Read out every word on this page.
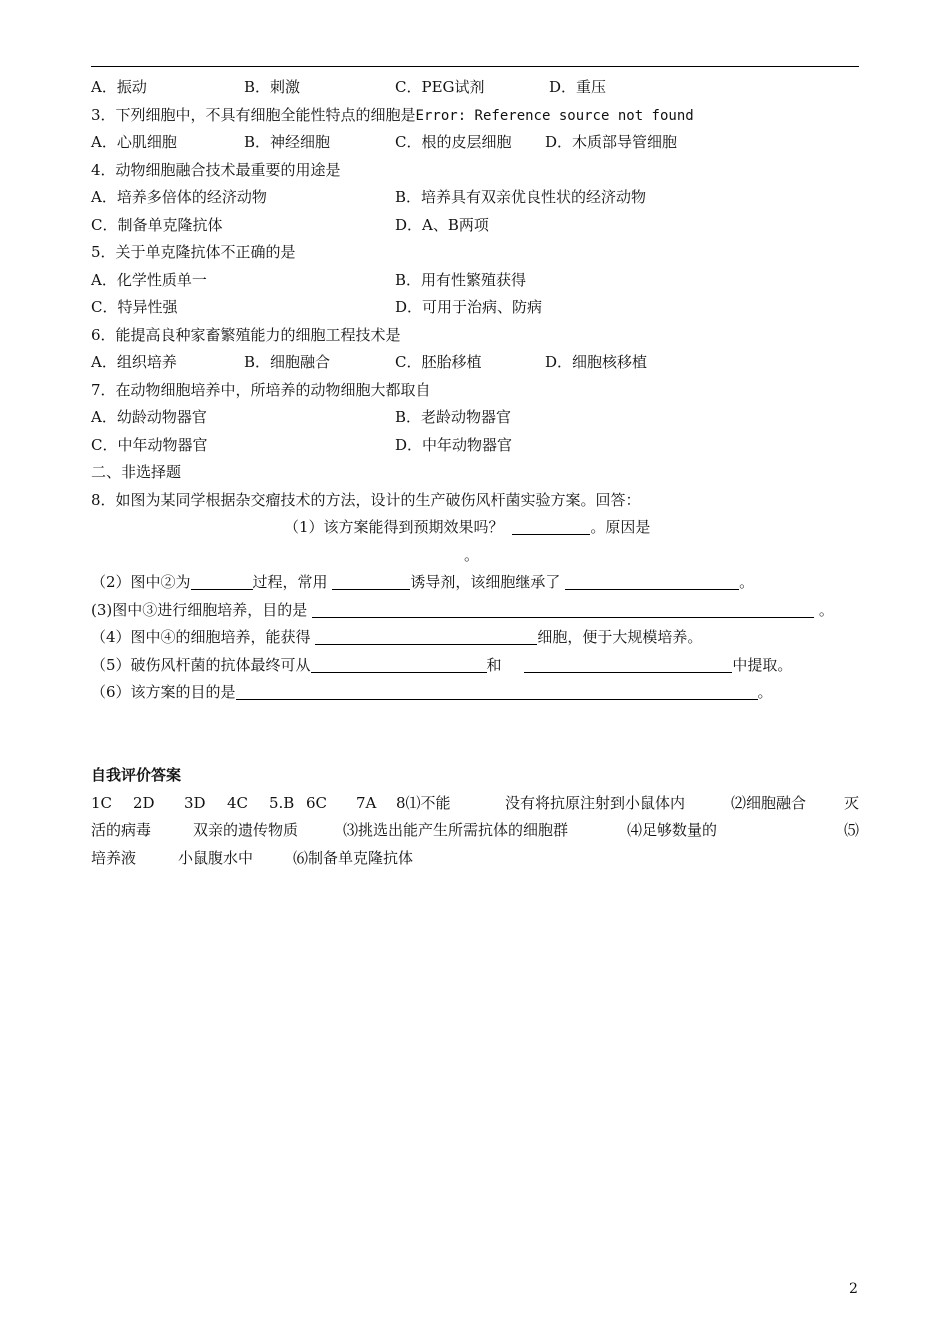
A．振动	B．刺激	C．PEG试剂	D．重压
3．下列细胞中，不具有细胞全能性特点的细胞是Error: Reference source not found
A．心肌细胞	B．神经细胞	C．根的皮层细胞 D．木质部导管细胞
4．动物细胞融合技术最重要的用途是
A．培养多倍体的经济动物	B．培养具有双亲优良性状的经济动物
C．制备单克隆抗体	D．A、B两项
5．关于单克隆抗体不正确的是
A．化学性质单一	B．用有性繁殖获得
C．特异性强	D．可用于治病、防病
6．能提高良种家畜繁殖能力的细胞工程技术是
A．组织培养	B．细胞融合	C．胚胎移植	D．细胞核移植
7．在动物细胞培养中，所培养的动物细胞大都取自
A．幼龄动物器官	B．老龄动物器官
C．中年动物器官	D．中年动物器官
二、非选择题
8．如图为某同学根据杂交瘤技术的方法，设计的生产破伤风杆菌实验方案。回答：
（1）该方案能得到预期效果吗？	。原因是
。
（2）图中②为	过程，常用	诱导剂，该细胞继承了	。
(3)图中③进行细胞培养，目的是	。
（4）图中④的细胞培养，能获得	细胞，便于大规模培养。
（5）破伤风杆菌的抗体最终可从	和	中提取。
（6）该方案的目的是	。
自我评价答案
1C 2D 3D 4C 5.B 6C 7A 8⑴不能	没有将抗原注射到小鼠体内	⑵细胞融合	灭
活的病毒	双亲的遗传物质	⑶挑选出能产生所需抗体的细胞群	⑷足够数量的	⑸
培养液	小鼠腹水中	⑹制备单克隆抗体
2
